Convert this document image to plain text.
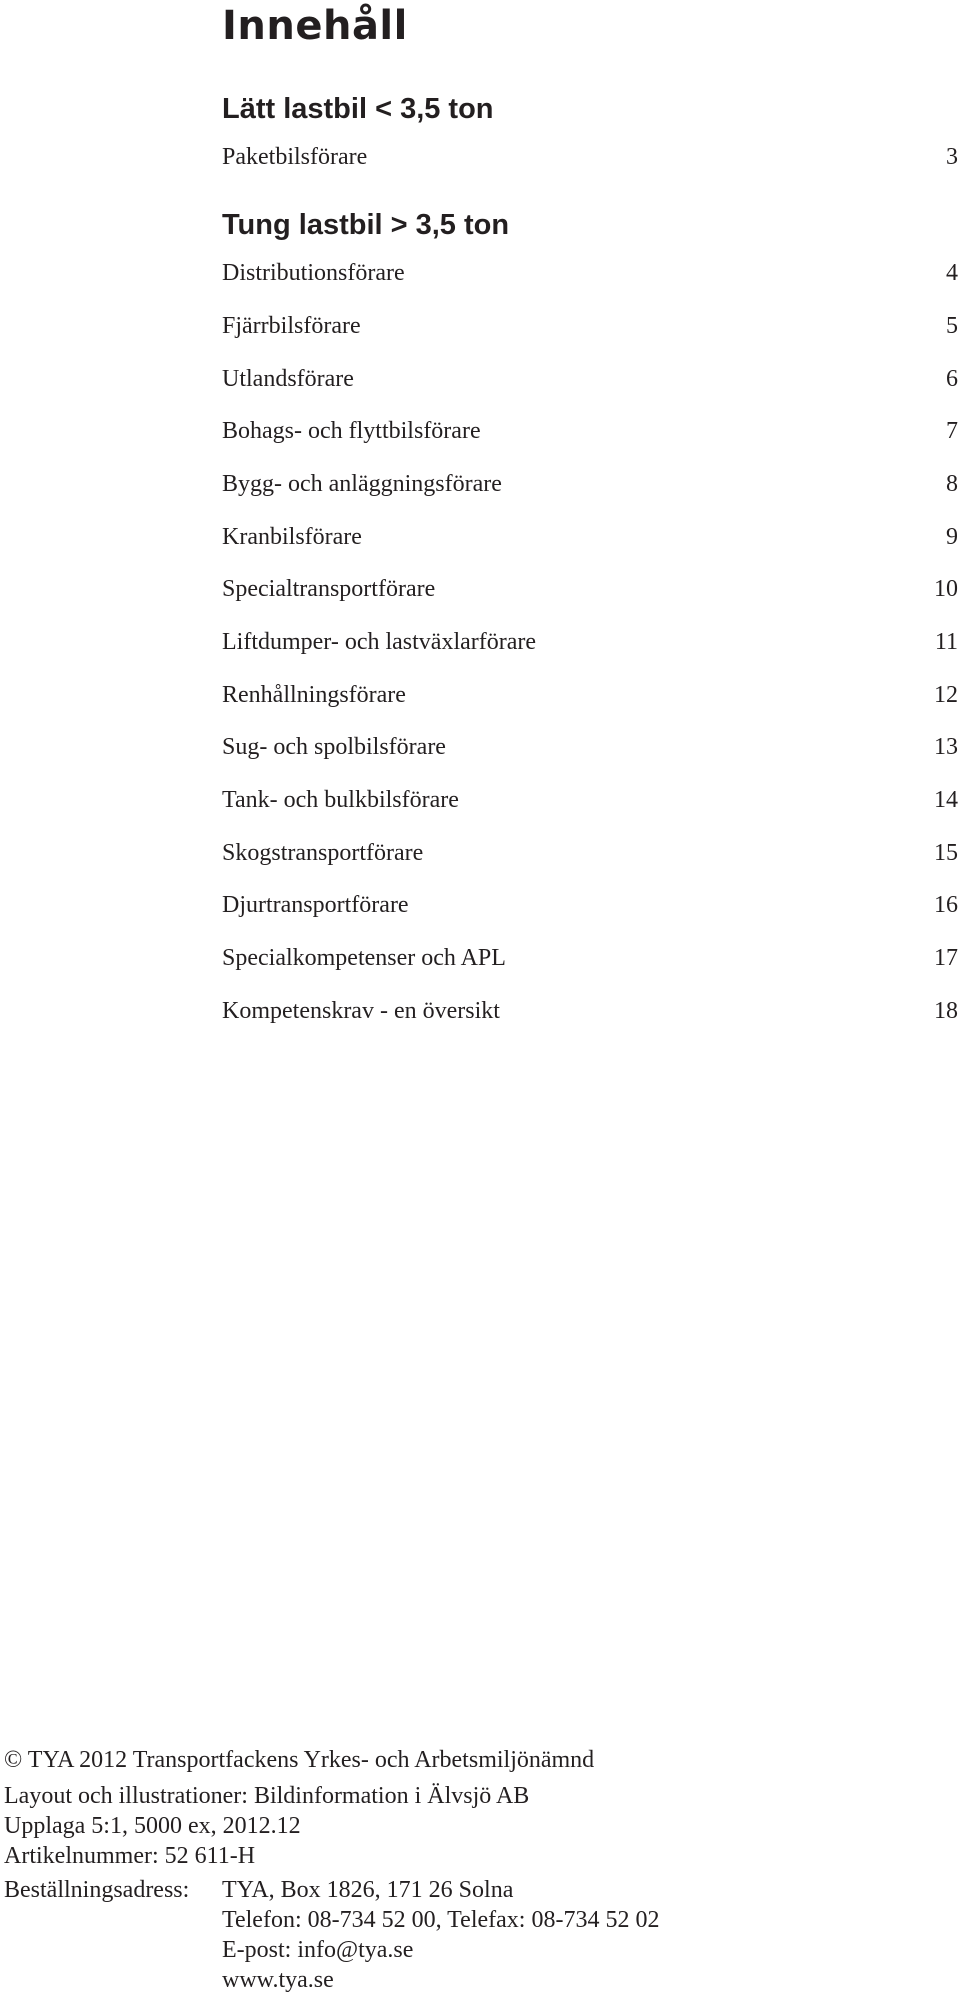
Innehåll
Lätt lastbil < 3,5 ton
Paketbilsförare	3
Tung lastbil > 3,5 ton
Distributionsförare	4
Fjärrbilsförare	5
Utlandsförare	6
Bohags- och flyttbilsförare	7
Bygg- och anläggningsförare	8
Kranbilsförare	9
Specialtransportförare	10
Liftdumper- och lastväxlarförare	11
Renhållningsförare	12
Sug- och spolbilsförare	13
Tank- och bulkbilsförare	14
Skogstransportförare	15
Djurtransportförare	16
Specialkompetenser och APL	17
Kompetenskrav - en översikt	18
© TYA 2012 Transportfackens Yrkes- och Arbetsmiljönämnd
Layout och illustrationer: Bildinformation i Älvsjö AB
Upplaga 5:1, 5000 ex, 2012.12
Artikelnummer: 52 611-H
Beställningsadress:	TYA, Box 1826, 171 26 Solna
Telefon: 08-734 52 00, Telefax: 08-734 52 02
E-post: info@tya.se
www.tya.se
